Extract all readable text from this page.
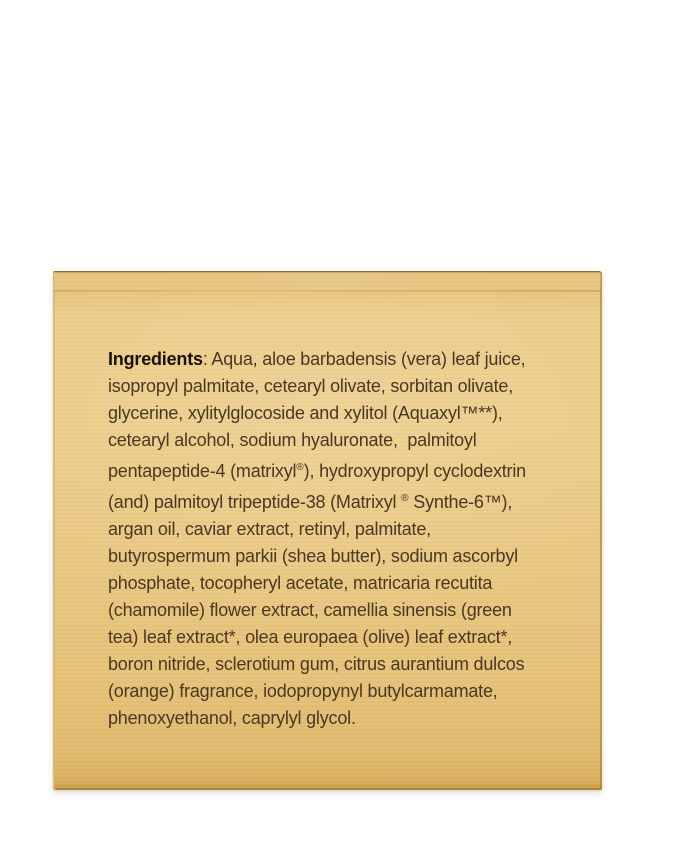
Ingredients: Aqua, aloe barbadensis (vera) leaf juice,
isopropyl palmitate, cetearyl olivate, sorbitan olivate,
glycerine, xylitylglocoside and xylitol (Aquaxyl™**),
cetearyl alcohol, sodium hyaluronate,  palmitoyl
pentapeptide-4 (matrixyl®), hydroxypropyl cyclodextrin
(and) palmitoyl tripeptide-38 (Matrixyl ® Synthe-6™),
argan oil, caviar extract, retinyl, palmitate,
butyrospermum parkii (shea butter), sodium ascorbyl
phosphate, tocopheryl acetate, matricaria recutita
(chamomile) flower extract, camellia sinensis (green
tea) leaf extract*, olea europaea (olive) leaf extract*,
boron nitride, sclerotium gum, citrus aurantium dulcos
(orange) fragrance, iodopropynyl butylcarmamate,
phenoxyethanol, caprylyl glycol.
